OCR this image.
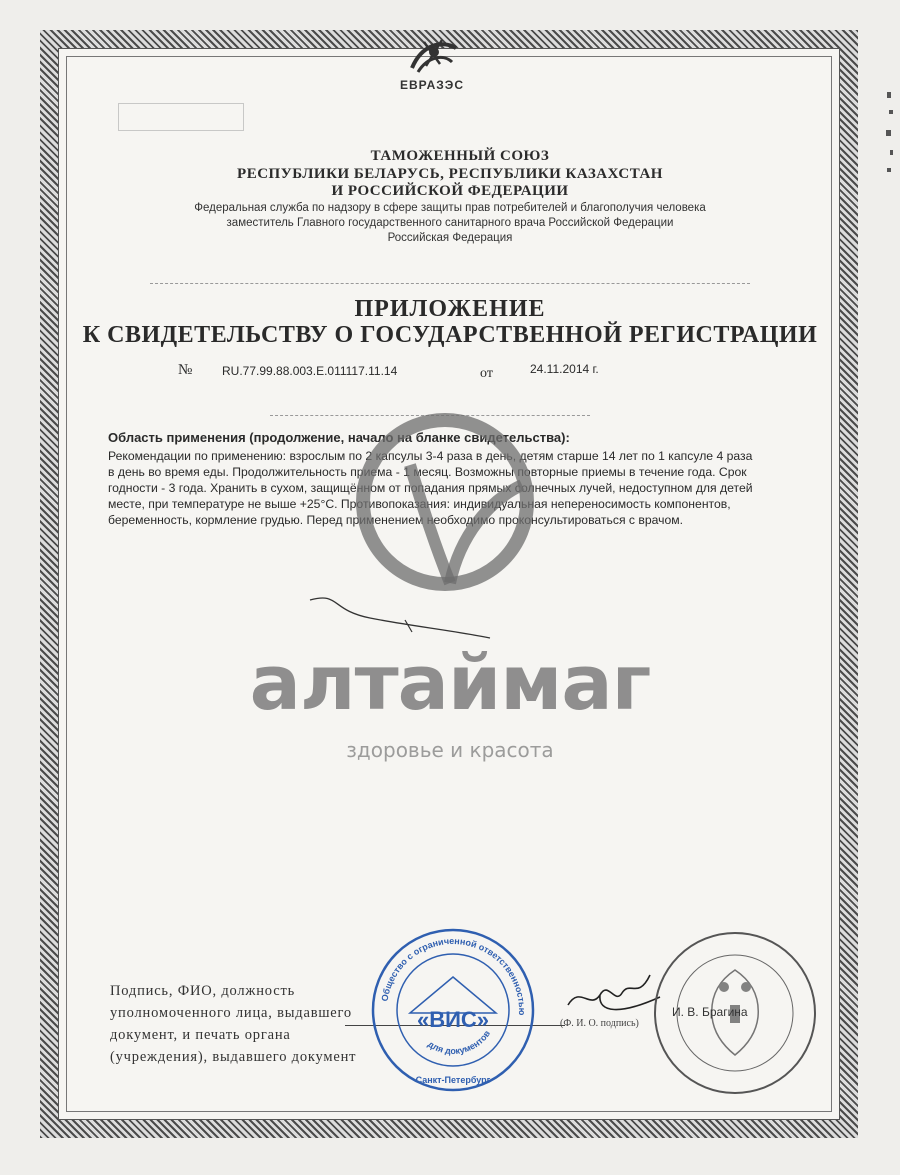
ЕВРАЗЭС
ТАМОЖЕННЫЙ СОЮЗ
РЕСПУБЛИКИ БЕЛАРУСЬ, РЕСПУБЛИКИ КАЗАХСТАН
И РОССИЙСКОЙ ФЕДЕРАЦИИ
Федеральная служба по надзору в сфере защиты прав потребителей и благополучия человека
заместитель Главного государственного санитарного врача Российской Федерации
Российская Федерация
ПРИЛОЖЕНИЕ
К СВИДЕТЕЛЬСТВУ О ГОСУДАРСТВЕННОЙ РЕГИСТРАЦИИ
№ RU.77.99.88.003.Е.011117.11.14	от	24.11.2014 г.

Область применения (продолжение, начало на бланке свидетельства):

Рекомендации по применению: взрослым по 2 капсулы 3-4 раза в день, детям старше 14 лет по 1 капсуле 4 раза в день во время еды. Продолжительность приема - 1 месяц. Возможны повторные приемы в течение года. Срок годности - 3 года. Хранить в сухом, защищённом от попадания прямых солнечных лучей, недоступном для детей месте, при температуре не выше +25°С. Противопоказания: индивидуальная непереносимость компонентов, беременность, кормление грудью. Перед применением необходимо проконсультироваться с врачом.

алтаймаг
здоровье и красота
Подпись, ФИО, должность уполномоченного лица, выдавшего документ, и печать органа (учреждения), выдавшего документ
(Ф. И. О. подпись)
Общество с ограниченной ответственностью
для документов
«ВИС»
Санкт-Петербург
И. В. Брагина
